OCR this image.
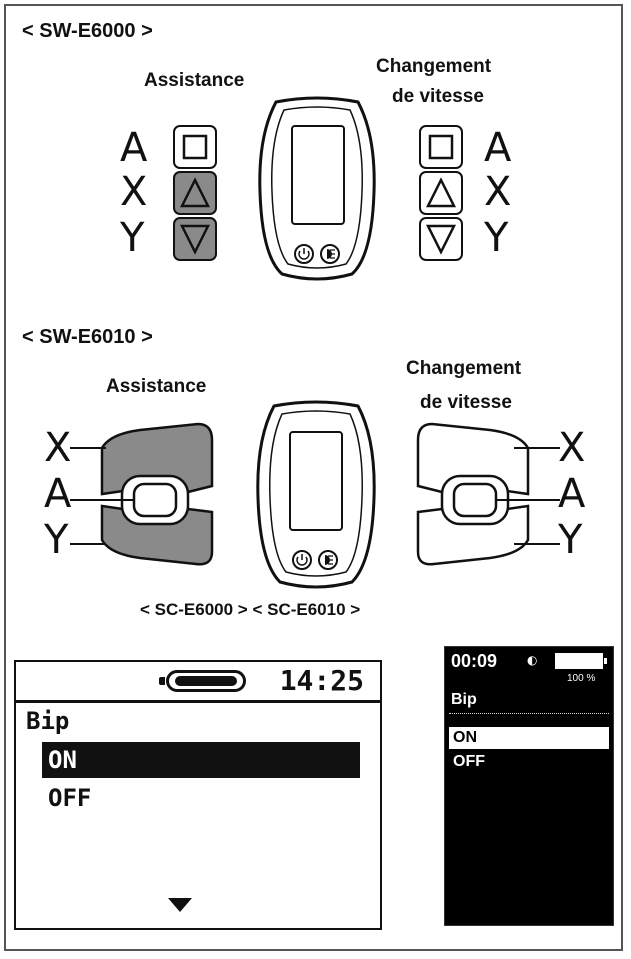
< SW-E6000 >
Assistance
Changement
de vitesse
A
X
Y
A
X
Y
< SW-E6010 >
Assistance
Changement
de vitesse
X
A
Y
X
A
Y
< SC-E6000 > < SC-E6010 >
14:25
Bip
ON
OFF
00:09 ◐
100 %
Bip
ON
OFF
